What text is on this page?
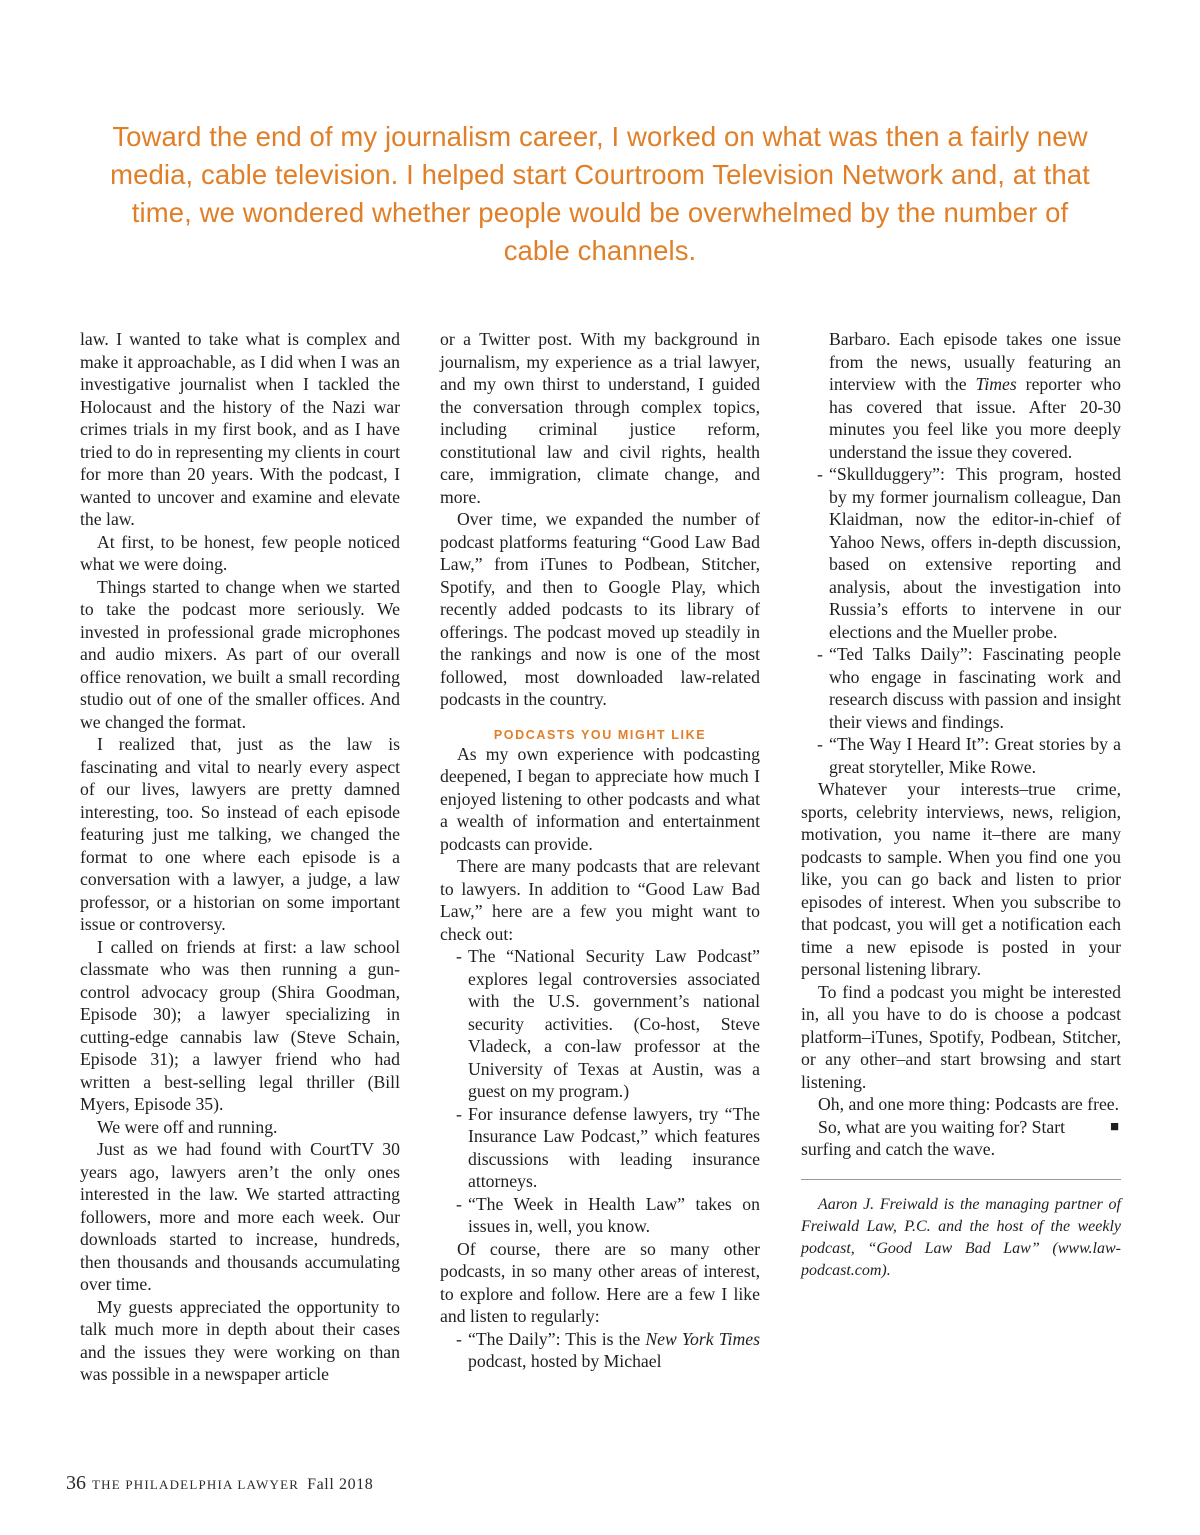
Toward the end of my journalism career, I worked on what was then a fairly new media, cable television. I helped start Courtroom Television Network and, at that time, we wondered whether people would be overwhelmed by the number of cable channels.

law. I wanted to take what is complex and make it approachable, as I did when I was an investigative journalist when I tackled the Holocaust and the history of the Nazi war crimes trials in my first book, and as I have tried to do in representing my clients in court for more than 20 years. With the podcast, I wanted to uncover and examine and elevate the law.

At first, to be honest, few people noticed what we were doing.

Things started to change when we started to take the podcast more seriously. We invested in professional grade microphones and audio mixers. As part of our overall office renovation, we built a small recording studio out of one of the smaller offices. And we changed the format.

I realized that, just as the law is fascinating and vital to nearly every aspect of our lives, lawyers are pretty damned interesting, too. So instead of each episode featuring just me talking, we changed the format to one where each episode is a conversation with a lawyer, a judge, a law professor, or a historian on some important issue or controversy.

I called on friends at first: a law school classmate who was then running a gun-control advocacy group (Shira Goodman, Episode 30); a lawyer specializing in cutting-edge cannabis law (Steve Schain, Episode 31); a lawyer friend who had written a best-selling legal thriller (Bill Myers, Episode 35).

We were off and running.

Just as we had found with CourtTV 30 years ago, lawyers aren’t the only ones interested in the law. We started attracting followers, more and more each week. Our downloads started to increase, hundreds, then thousands and thousands accumulating over time.

My guests appreciated the opportunity to talk much more in depth about their cases and the issues they were working on than was possible in a newspaper article

or a Twitter post. With my background in journalism, my experience as a trial lawyer, and my own thirst to understand, I guided the conversation through complex topics, including criminal justice reform, constitutional law and civil rights, health care, immigration, climate change, and more.

Over time, we expanded the number of podcast platforms featuring “Good Law Bad Law,” from iTunes to Podbean, Stitcher, Spotify, and then to Google Play, which recently added podcasts to its library of offerings. The podcast moved up steadily in the rankings and now is one of the most followed, most downloaded law-related podcasts in the country.

PODCASTS YOU MIGHT LIKE

As my own experience with podcasting deepened, I began to appreciate how much I enjoyed listening to other podcasts and what a wealth of information and entertainment podcasts can provide.

There are many podcasts that are relevant to lawyers. In addition to “Good Law Bad Law,” here are a few you might want to check out:

- The “National Security Law Podcast” explores legal controversies associated with the U.S. government’s national security activities. (Co-host, Steve Vladeck, a con-law professor at the University of Texas at Austin, was a guest on my program.)
- For insurance defense lawyers, try “The Insurance Law Podcast,” which features discussions with leading insurance attorneys.
- “The Week in Health Law” takes on issues in, well, you know.

Of course, there are so many other podcasts, in so many other areas of interest, to explore and follow. Here are a few I like and listen to regularly:

- “The Daily”: This is the New York Times podcast, hosted by Michael
Barbaro. Each episode takes one issue from the news, usually featuring an interview with the Times reporter who has covered that issue. After 20-30 minutes you feel like you more deeply understand the issue they covered.
- “Skullduggery”: This program, hosted by my former journalism colleague, Dan Klaidman, now the editor-in-chief of Yahoo News, offers in-depth discussion, based on extensive reporting and analysis, about the investigation into Russia’s efforts to intervene in our elections and the Mueller probe.
- “Ted Talks Daily”: Fascinating people who engage in fascinating work and research discuss with passion and insight their views and findings.
- “The Way I Heard It”: Great stories by a great storyteller, Mike Rowe.

Whatever your interests–true crime, sports, celebrity interviews, news, religion, motivation, you name it–there are many podcasts to sample. When you find one you like, you can go back and listen to prior episodes of interest. When you subscribe to that podcast, you will get a notification each time a new episode is posted in your personal listening library.

To find a podcast you might be interested in, all you have to do is choose a podcast platform–iTunes, Spotify, Podbean, Stitcher, or any other–and start browsing and start listening.

Oh, and one more thing: Podcasts are free.

■
So, what are you waiting for? Start surfing and catch the wave.

Aaron J. Freiwald is the managing partner of Freiwald Law, P.C. and the host of the weekly podcast, “Good Law Bad Law” (www.law-podcast.com).

36 THE PHILADELPHIA LAWYER Fall 2018
